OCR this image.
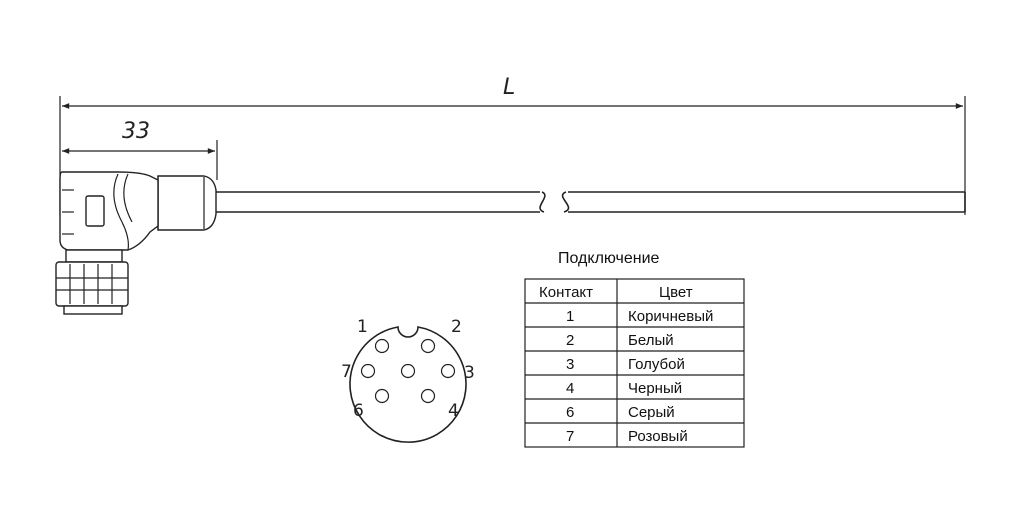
L
33
1	2
3
4
6
7
Подключение
Контакт	Цвет
1	Коричневый
2	Белый
3	Голубой
4	Черный
6	Серый
7	Розовый
